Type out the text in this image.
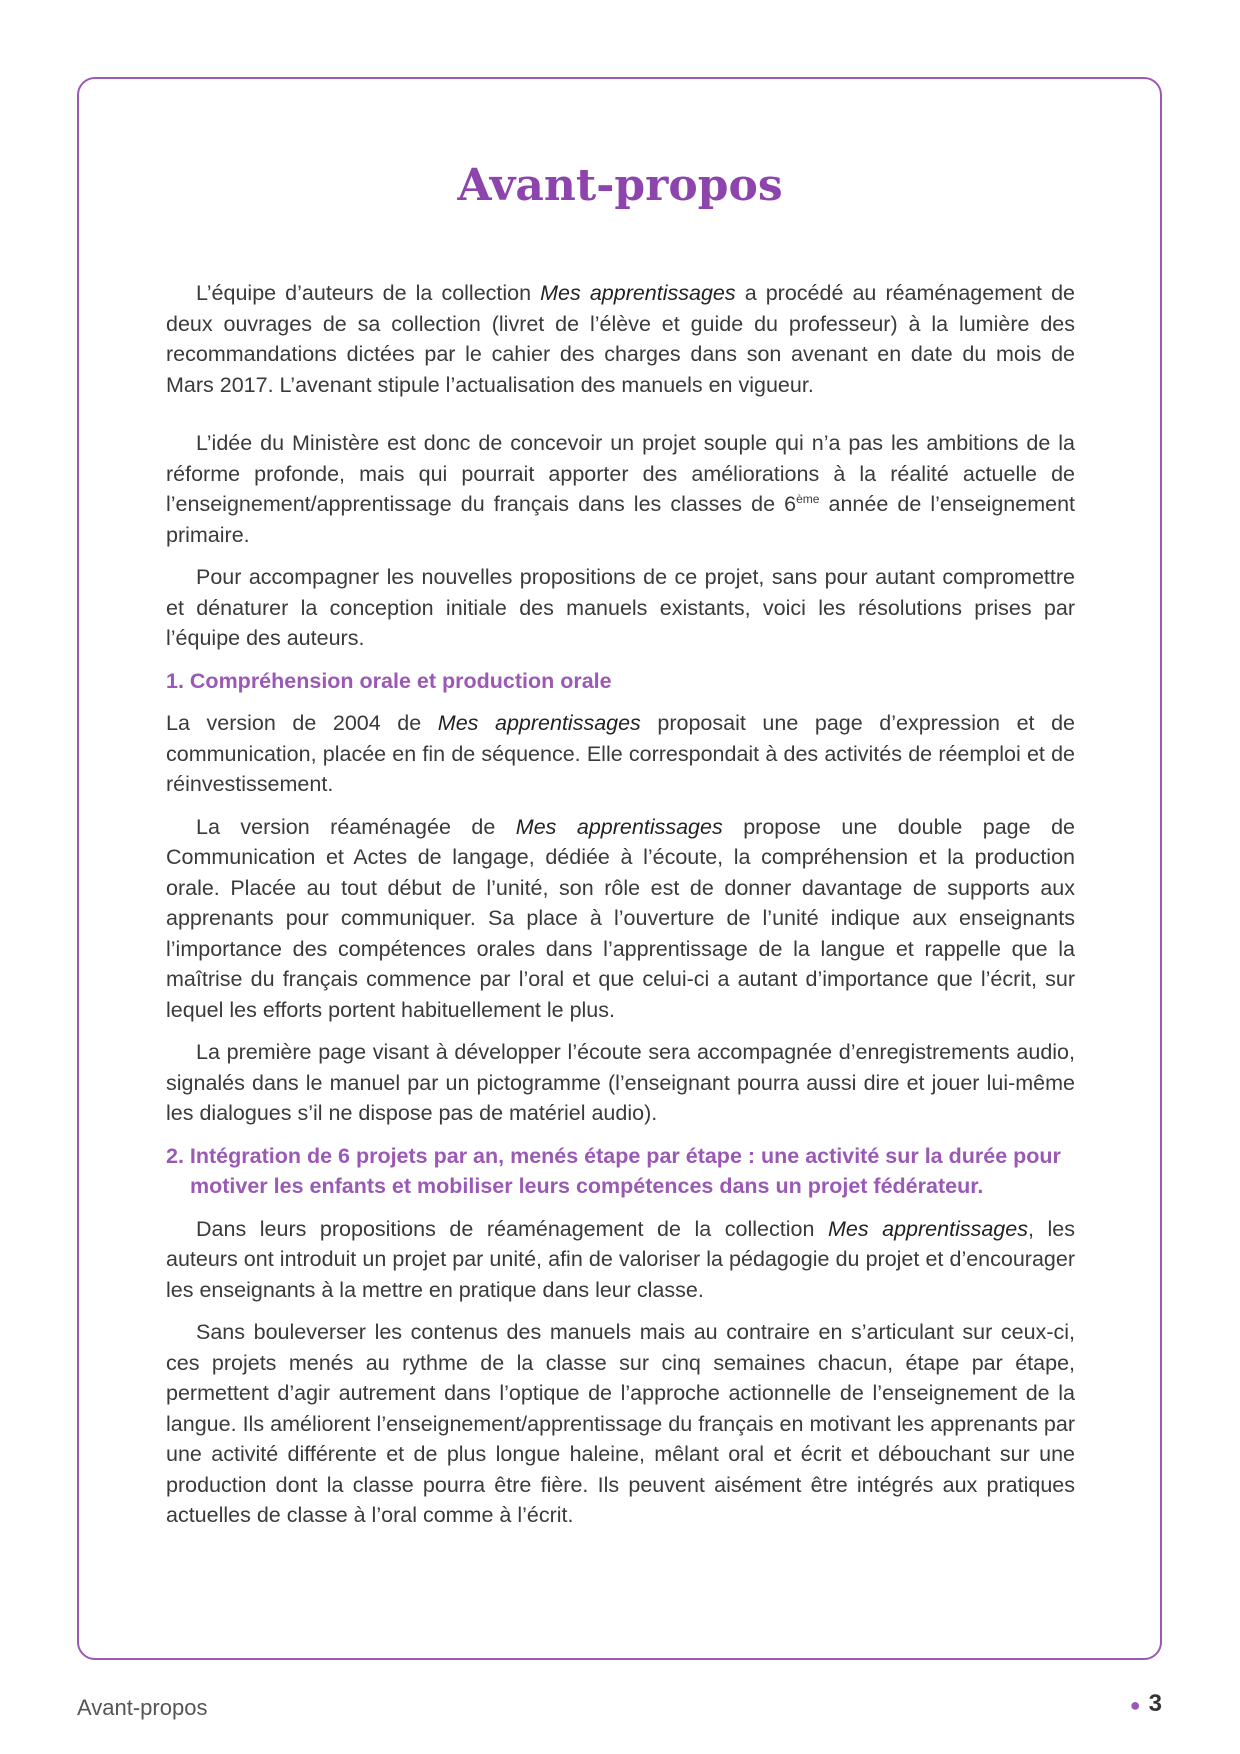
Avant-propos

L’équipe d’auteurs de la collection Mes apprentissages a procédé au réaménagement de deux ouvrages de sa collection (livret de l’élève et guide du professeur) à la lumière des recommandations dictées par le cahier des charges dans son avenant en date du mois de Mars 2017. L’avenant stipule l’actualisation des manuels en vigueur.

L’idée du Ministère est donc de concevoir un projet souple qui n’a pas les ambitions de la réforme profonde, mais qui pourrait apporter des améliorations à la réalité actuelle de l’enseignement/apprentissage du français dans les classes de 6ème année de l’enseignement primaire.

Pour accompagner les nouvelles propositions de ce projet, sans pour autant compromettre et dénaturer la conception initiale des manuels existants, voici les résolutions prises par l’équipe des auteurs.

1. Compréhension orale et production orale

La version de 2004 de Mes apprentissages proposait une page d’expression et de communication, placée en fin de séquence. Elle correspondait à des activités de réemploi et de réinvestissement.

La version réaménagée de Mes apprentissages propose une double page de Communication et Actes de langage, dédiée à l’écoute, la compréhension et la production orale. Placée au tout début de l’unité, son rôle est de donner davantage de supports aux apprenants pour communiquer. Sa place à l’ouverture de l’unité indique aux enseignants l’importance des compétences orales dans l’apprentissage de la langue et rappelle que la maîtrise du français commence par l’oral et que celui-ci a autant d’importance que l’écrit, sur lequel les efforts portent habituellement le plus.

La première page visant à développer l’écoute sera accompagnée d’enregistrements audio, signalés dans le manuel par un pictogramme (l’enseignant pourra aussi dire et jouer lui-même les dialogues s’il ne dispose pas de matériel audio).

2. Intégration de 6 projets par an, menés étape par étape : une activité sur la durée pour motiver les enfants et mobiliser leurs compétences dans un projet fédérateur.

Dans leurs propositions de réaménagement de la collection Mes apprentissages, les auteurs ont introduit un projet par unité, afin de valoriser la pédagogie du projet et d’encourager les enseignants à la mettre en pratique dans leur classe.

Sans bouleverser les contenus des manuels mais au contraire en s’articulant sur ceux-ci, ces projets menés au rythme de la classe sur cinq semaines chacun, étape par étape, permettent d’agir autrement dans l’optique de l’approche actionnelle de l’enseignement de la langue. Ils améliorent l’enseignement/apprentissage du français en motivant les apprenants par une activité différente et de plus longue haleine, mêlant oral et écrit et débouchant sur une production dont la classe pourra être fière. Ils peuvent aisément être intégrés aux pratiques actuelles de classe à l’oral comme à l’écrit.

Avant-propos	● 3
